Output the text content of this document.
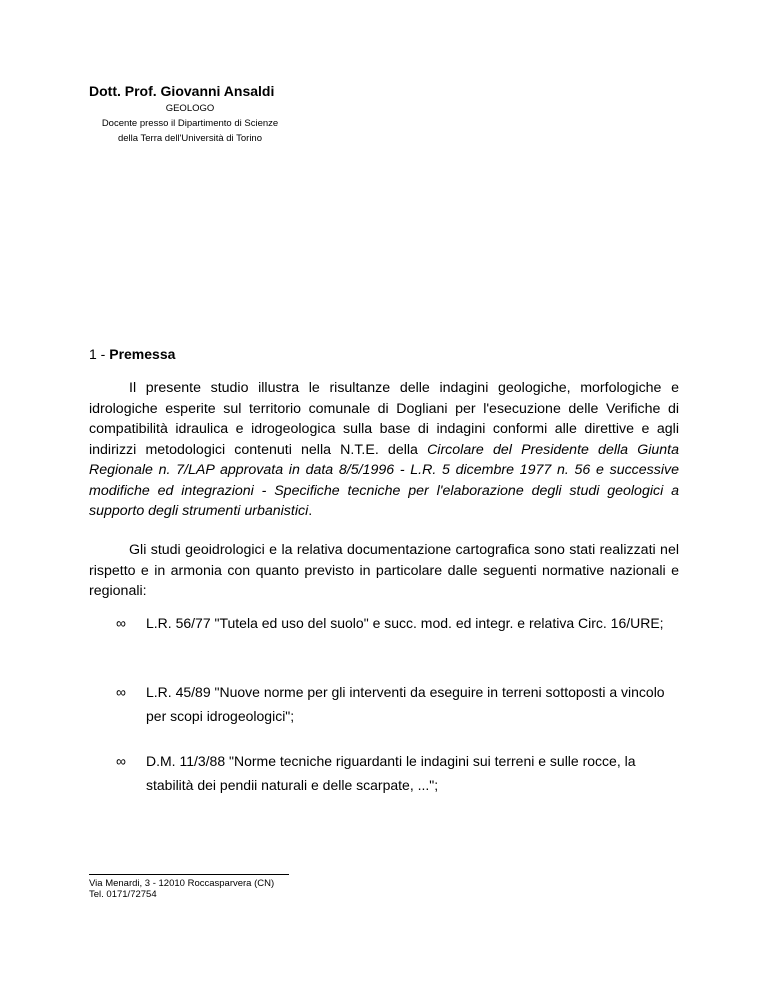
Dott. Prof. Giovanni Ansaldi
GEOLOGO
Docente presso il Dipartimento di Scienze
della Terra dell'Università di Torino
1 - Premessa
Il presente studio illustra le risultanze delle indagini geologiche, morfologiche e idrologiche esperite sul territorio comunale di Dogliani per l'esecuzione delle Verifiche di compatibilità idraulica e idrogeologica sulla base di indagini conformi alle direttive e agli indirizzi metodologici contenuti nella N.T.E. della Circolare del Presidente della Giunta Regionale n. 7/LAP approvata in data 8/5/1996 - L.R. 5 dicembre 1977 n. 56 e successive modifiche ed integrazioni - Specifiche tecniche per l'elaborazione degli studi geologici a supporto degli strumenti urbanistici.
Gli studi geoidrologici e la relativa documentazione cartografica sono stati realizzati nel rispetto e in armonia con quanto previsto in particolare dalle seguenti normative nazionali e regionali:
∞ L.R. 56/77 "Tutela ed uso del suolo" e succ. mod. ed integr. e relativa Circ. 16/URE;
∞ L.R. 45/89 "Nuove norme per gli interventi da eseguire in terreni sottoposti a vincolo per scopi idrogeologici";
∞ D.M. 11/3/88 "Norme tecniche riguardanti le indagini sui terreni e sulle rocce, la stabilità dei pendii naturali e delle scarpate, ...";
Via Menardi, 3 - 12010 Roccasparvera (CN)
Tel. 0171/72754
